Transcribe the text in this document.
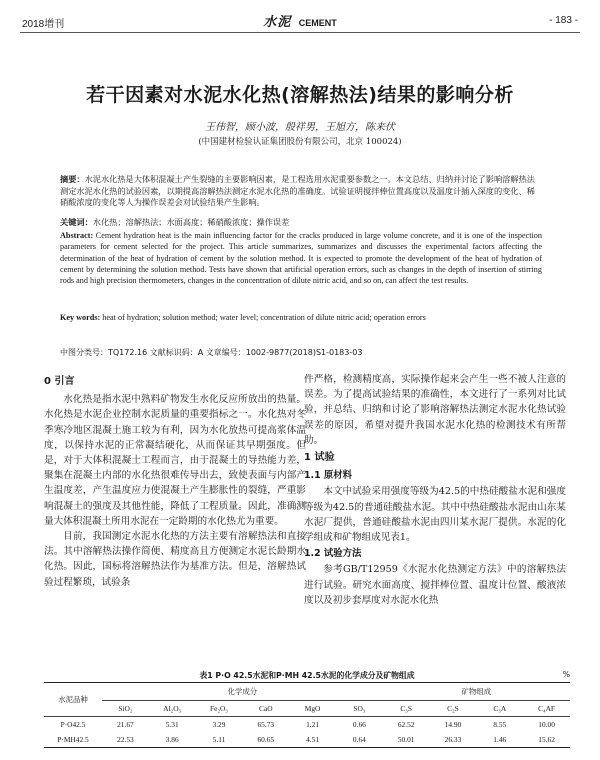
2018增刊	水泥 CEMENT	- 183 -
若干因素对水泥水化热(溶解热法)结果的影响分析
王伟智，顾小波，殷祥男，王旭方，陈来伏
(中国建材检验认证集团股份有限公司，北京 100024)
摘要：水泥水化热是大体积混凝土产生裂缝的主要影响因素，是工程选用水泥重要参数之一。本文总结、归纳并讨论了影响溶解热法测定水泥水化热的试验因素，以期提高溶解热法测定水泥水化热的准确度。试验证明搅拌棒位置高度以及温度计插入深度的变化、稀硝酸浓度的变化等人为操作误差会对试验结果产生影响。
关键词：水化热；溶解热法；水面高度；稀硝酸浓度；操作误差
Abstract: Cement hydration heat is the main influencing factor for the cracks produced in large volume concrete, and it is one of the inspection parameters for cement selected for the project. This article summarizes, summarizes and discusses the experimental factors affecting the determination of the heat of hydration of cement by the solution method. It is expected to promote the development of the heat of hydration of cement by determining the solution method. Tests have shown that artificial operation errors, such as changes in the depth of insertion of stirring rods and high precision thermometers, changes in the concentration of dilute nitric acid, and so on, can affect the test results.
Key words: heat of hydration; solution method; water level; concentration of dilute nitric acid; operation errors
中图分类号：TQ172.16 文献标识码：A 文章编号：1002-9877(2018)S1-0183-03
0 引言

水化热是指水泥中熟料矿物发生水化反应所放出的热量。水化热是水泥企业控制水泥质量的重要指标之一。水化热对冬季寒冷地区混凝土施工较为有利，因为水化放热可提高浆体温度，以保持水泥的正常凝结硬化，从而保证其早期强度。但是，对于大体积混凝土工程而言，由于混凝土的导热能力差，聚集在混凝土内部的水化热很难传导出去，致使表面与内部产生温度差，产生温度应力使混凝土产生膨胀性的裂缝，严重影响混凝土的强度及其他性能，降低了工程质量。因此，准确测量大体积混凝土所用水泥在一定龄期的水化热尤为重要。

目前，我国测定水泥水化热的方法主要有溶解热法和直接法。其中溶解热法操作简便、精度高且方便测定水泥长龄期水化热。因此，国标将溶解热法作为基准方法。但是，溶解热试验过程繁琐，试验条

件严格，检测精度高，实际操作起来会产生一些不被人注意的误差。为了提高试验结果的准确性，本文进行了一系列对比试验，并总结、归纳和讨论了影响溶解热法测定水泥水化热试验误差的原因，希望对提升我国水泥水化热的检测技术有所帮助。

1 试验
1.1 原材料

本文中试验采用强度等级为42.5的中热硅酸盐水泥和强度等级为42.5的普通硅酸盐水泥。其中中热硅酸盐水泥由山东某水泥厂提供，普通硅酸盐水泥由四川某水泥厂提供。水泥的化学组成和矿物组成见表1。

1.2 试验方法

参考GB/T12959《水泥水化热测定方法》中的溶解热法进行试验。研究水面高度、搅拌棒位置、温度计位置、酸液浓度以及初步套厚度对水泥水化热

表1 P·O 42.5水泥和P·MH 42.5水泥的化学成分及矿物组成	%
水泥品种	化学成分						矿物组成			
	SiO₂	Al₂O₃	Fe₂O₃	CaO	MgO	SO₃	C₃S	C₂S	C₃A	C₄AF
P·O42.5	21.67	5.31	3.29	65.73	1.21	0.66	62.52	14.90	8.55	10.00
P·MH42.5	22.53	3.86	5.11	60.65	4.51	0.64	50.01	26.33	1.46	15.62
